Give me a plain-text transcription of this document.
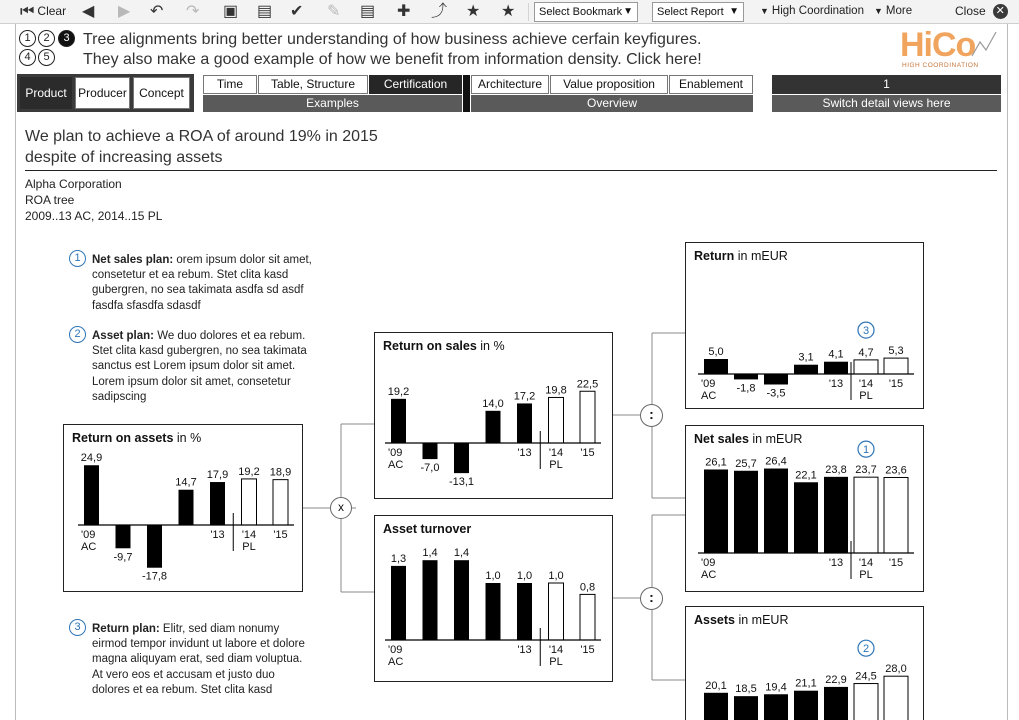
⏮ Clear ◀ ▶ ↶ ↷ ▣ ▤ ✔ ✎ ▤ ✚ ⤴ ★ ★	Select Bookmark ▼	Select Report ▼ ▼ High Coordination ▼ More	Close ✕
1	2	3
4	5
Tree alignments bring better understanding of how business achieve cerfain keyfigures.
They also make a good example of how we benefit from information density. Click here!	HiCo
HIGH COORDINATION
Product Producer	Concept
Time	Table, Structure	Certification
Examples
Architecture	Value proposition	Enablement
Overview
1
Switch detail views here
We plan to achieve a ROA of around 19% in 2015
despite of increasing assets
Alpha Corporation
ROA tree
2009..13 AC, 2014..15 PL
1 Net sales plan: orem ipsum dolor sit amet, consetetur et ea rebum. Stet clita kasd gubergren, no sea takimata asdfa sd asdf fasdfa sfasdfa sdasdf
2 Asset plan: We duo dolores et ea rebum. Stet clita kasd gubergren, no sea takimata sanctus est Lorem ipsum dolor sit amet. Lorem ipsum dolor sit amet, consetetur sadipscing
3 Return plan: Elitr, sed diam nonumy eirmod tempor invidunt ut labore et dolore magna aliquyam erat, sed diam voluptua. At vero eos et accusam et justo duo dolores et ea rebum. Stet clita kasd
x
:
:
Return on assets in %
24,9
-9,7
-17,8
14,7
17,9 19,2 18,9
'09
AC
'13 '14
PL
'15
Return on sales in %
19,2
-7,0
-13,1
14,0
17,2 19,8
22,5
'09
AC
'13 '14
PL
'15
Asset turnover
1,3 1,4 1,4
1,0 1,0 1,0
0,8
'09
AC
'13 '14
PL
'15
Return in mEUR
5,0
-1,8 -3,5
3,1 4,1 4,7 5,3
'09
AC
'13 '14
PL
'15
3
Net sales in mEUR
26,1 25,7 26,4
22,1 23,8 23,7 23,6
'09
AC
'13 '14
PL
'15
1
Assets in mEUR
20,1 18,5 19,4 21,1 22,9 24,5
28,0
2
